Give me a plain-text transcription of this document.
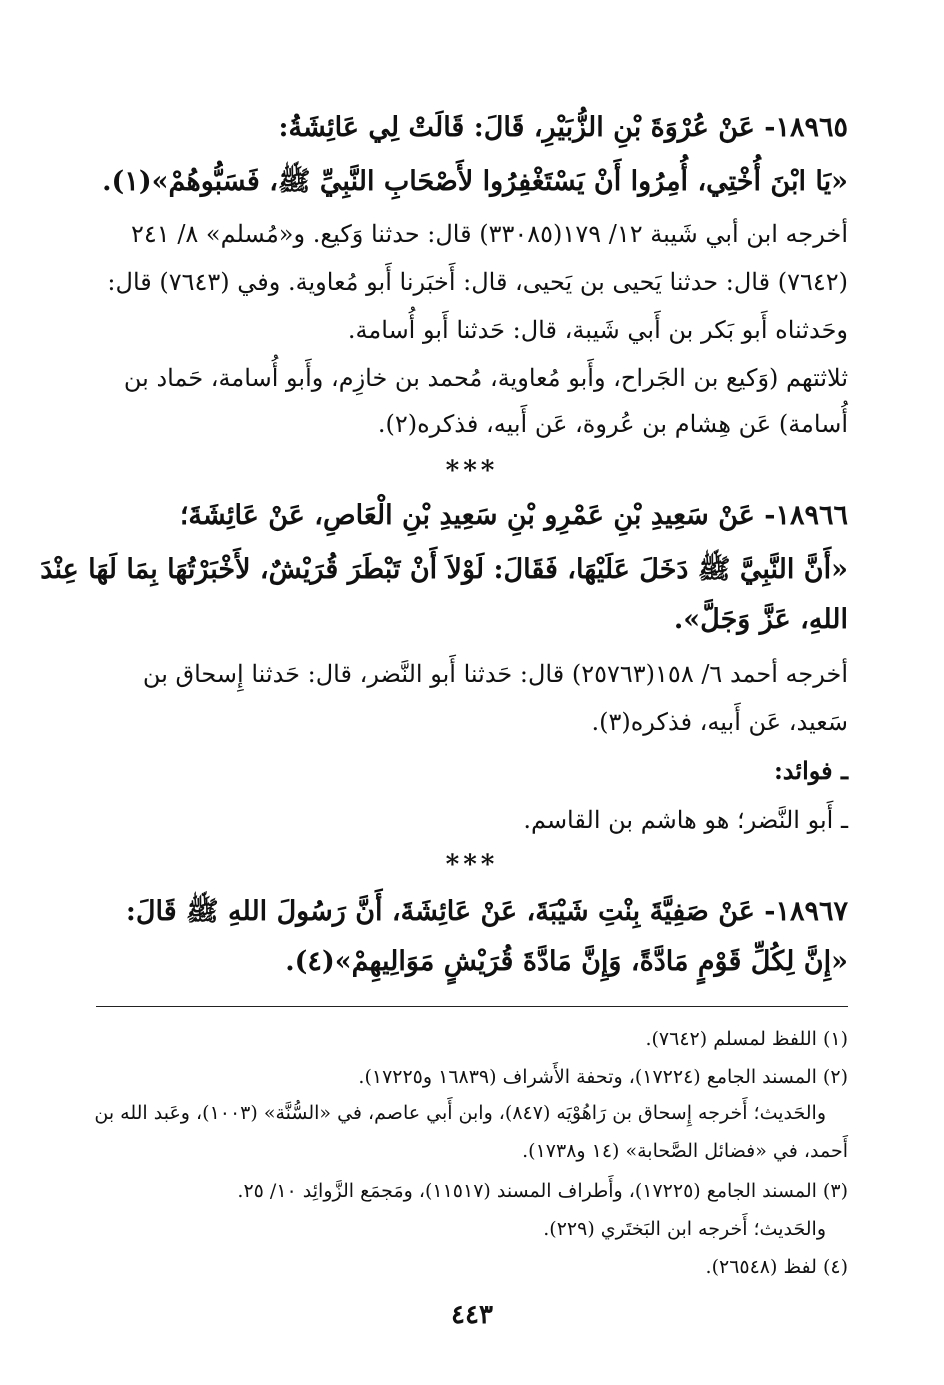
١٨٩٦٥- عَنْ عُرْوَةَ بْنِ الزُّبَيْرِ، قَالَ: قَالَتْ لِي عَائِشَةُ:
«يَا ابْنَ أُخْتِي، أُمِرُوا أَنْ يَسْتَغْفِرُوا لأَصْحَابِ النَّبِيِّ ﷺ، فَسَبُّوهُمْ»(١).
أخرجه ابن أبي شَيبة ١٢/ ١٧٩(٣٣٠٨٥) قال: حدثنا وَكيع. و«مُسلم» ٨/ ٢٤١
(٧٦٤٢) قال: حدثنا يَحيى بن يَحيى، قال: أَخبَرنا أَبو مُعاوية. وفي (٧٦٤٣) قال:
وحَدثناه أَبو بَكر بن أَبي شَيبة، قال: حَدثنا أَبو أُسامة.
ثلاثتهم (وَكيع بن الجَراح، وأَبو مُعاوية، مُحمد بن خازِم، وأَبو أُسامة، حَماد بن
أُسامة) عَن هِشام بن عُروة، عَن أَبيه، فذكره(٢).
***
١٨٩٦٦- عَنْ سَعِيدِ بْنِ عَمْرِو بْنِ سَعِيدِ بْنِ الْعَاصِ، عَنْ عَائِشَةَ؛
«أَنَّ النَّبِيَّ ﷺ دَخَلَ عَلَيْهَا، فَقَالَ: لَوْلاَ أَنْ تَبْطَرَ قُرَيْشٌ، لأَخْبَرْتُهَا بِمَا لَهَا عِنْدَ
اللهِ، عَزَّ وَجَلَّ».
أخرجه أحمد ٦/ ١٥٨(٢٥٧٦٣) قال: حَدثنا أَبو النَّضر، قال: حَدثنا إِسحاق بن
سَعيد، عَن أَبيه، فذكره(٣).
ـ فوائد:
ـ أَبو النَّضر؛ هو هاشم بن القاسم.
***
١٨٩٦٧- عَنْ صَفِيَّةَ بِنْتِ شَيْبَةَ، عَنْ عَائِشَةَ، أَنَّ رَسُولَ اللهِ ﷺ قَالَ:
«إِنَّ لِكُلِّ قَوْمٍ مَادَّةً، وَإِنَّ مَادَّةَ قُرَيْشٍ مَوَالِيهِمْ»(٤).
(١) اللفظ لمسلم (٧٦٤٢).
(٢) المسند الجامع (١٧٢٢٤)، وتحفة الأَشراف (١٦٨٣٩ و١٧٢٢٥).
والحَديث؛ أَخرجه إِسحاق بن رَاهُوْيَه (٨٤٧)، وابن أَبي عاصم، في «السُّنَّة» (١٠٠٣)، وعَبد الله بن
أَحمد، في «فضائل الصَّحابة» (١٤ و١٧٣٨).
(٣) المسند الجامع (١٧٢٢٥)، وأَطراف المسند (١١٥١٧)، ومَجمَع الزَّوائِد ١٠/ ٢٥.
والحَديث؛ أَخرجه ابن البَختَري (٢٢٩).
(٤) لفظ (٢٦٥٤٨).
٤٤٣
